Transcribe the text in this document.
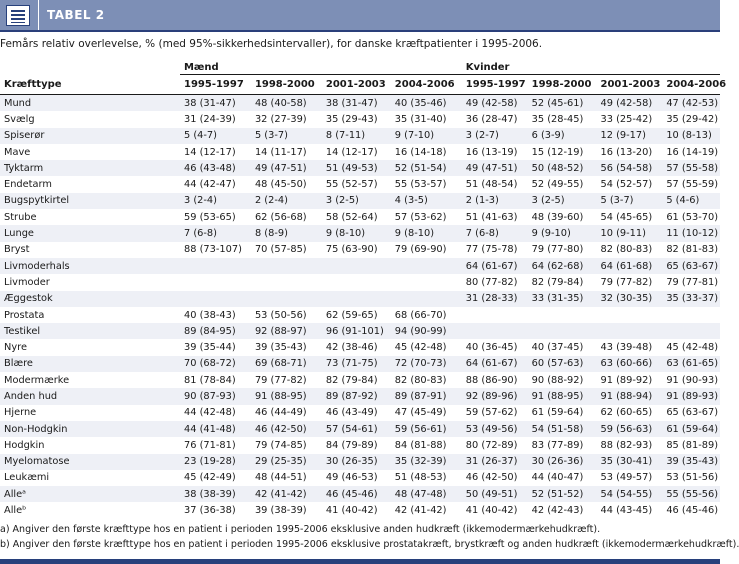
TABEL 2
Femårs relativ overlevelse, % (med 95%-sikkerhedsintervaller), for danske kræftpatienter i 1995-2006.
	Mænd				Kvinder			
Kræfttype	1995-1997	1998-2000	2001-2003	2004-2006	1995-1997	1998-2000	2001-2003	2004-2006
Mund	38 (31-47)	48 (40-58)	38 (31-47)	40 (35-46)	49 (42-58)	52 (45-61)	49 (42-58)	47 (42-53)
Svælg	31 (24-39)	32 (27-39)	35 (29-43)	35 (31-40)	36 (28-47)	35 (28-45)	33 (25-42)	35 (29-42)
Spiserør	5 (4-7)	5 (3-7)	8 (7-11)	9 (7-10)	3 (2-7)	6 (3-9)	12 (9-17)	10 (8-13)
Mave	14 (12-17)	14 (11-17)	14 (12-17)	16 (14-18)	16 (13-19)	15 (12-19)	16 (13-20)	16 (14-19)
Tyktarm	46 (43-48)	49 (47-51)	51 (49-53)	52 (51-54)	49 (47-51)	50 (48-52)	56 (54-58)	57 (55-58)
Endetarm	44 (42-47)	48 (45-50)	55 (52-57)	55 (53-57)	51 (48-54)	52 (49-55)	54 (52-57)	57 (55-59)
Bugspytkirtel	3 (2-4)	2 (2-4)	3 (2-5)	4 (3-5)	2 (1-3)	3 (2-5)	5 (3-7)	5 (4-6)
Strube	59 (53-65)	62 (56-68)	58 (52-64)	57 (53-62)	51 (41-63)	48 (39-60)	54 (45-65)	61 (53-70)
Lunge	7 (6-8)	8 (8-9)	9 (8-10)	9 (8-10)	7 (6-8)	9 (9-10)	10 (9-11)	11 (10-12)
Bryst	88 (73-107)	70 (57-85)	75 (63-90)	79 (69-90)	77 (75-78)	79 (77-80)	82 (80-83)	82 (81-83)
Livmoderhals					64 (61-67)	64 (62-68)	64 (61-68)	65 (63-67)
Livmoder					80 (77-82)	82 (79-84)	79 (77-82)	79 (77-81)
Æggestok					31 (28-33)	33 (31-35)	32 (30-35)	35 (33-37)
Prostata	40 (38-43)	53 (50-56)	62 (59-65)	68 (66-70)				
Testikel	89 (84-95)	92 (88-97)	96 (91-101)	94 (90-99)				
Nyre	39 (35-44)	39 (35-43)	42 (38-46)	45 (42-48)	40 (36-45)	40 (37-45)	43 (39-48)	45 (42-48)
Blære	70 (68-72)	69 (68-71)	73 (71-75)	72 (70-73)	64 (61-67)	60 (57-63)	63 (60-66)	63 (61-65)
Modermærke	81 (78-84)	79 (77-82)	82 (79-84)	82 (80-83)	88 (86-90)	90 (88-92)	91 (89-92)	91 (90-93)
Anden hud	90 (87-93)	91 (88-95)	89 (87-92)	89 (87-91)	92 (89-96)	91 (88-95)	91 (88-94)	91 (89-93)
Hjerne	44 (42-48)	46 (44-49)	46 (43-49)	47 (45-49)	59 (57-62)	61 (59-64)	62 (60-65)	65 (63-67)
Non-Hodgkin	44 (41-48)	46 (42-50)	57 (54-61)	59 (56-61)	53 (49-56)	54 (51-58)	59 (56-63)	61 (59-64)
Hodgkin	76 (71-81)	79 (74-85)	84 (79-89)	84 (81-88)	80 (72-89)	83 (77-89)	88 (82-93)	85 (81-89)
Myelomatose	23 (19-28)	29 (25-35)	30 (26-35)	35 (32-39)	31 (26-37)	30 (26-36)	35 (30-41)	39 (35-43)
Leukæmi	45 (42-49)	48 (44-51)	49 (46-53)	51 (48-53)	46 (42-50)	44 (40-47)	53 (49-57)	53 (51-56)
Alleᵃ	38 (38-39)	42 (41-42)	46 (45-46)	48 (47-48)	50 (49-51)	52 (51-52)	54 (54-55)	55 (55-56)
Alleᵇ	37 (36-38)	39 (38-39)	41 (40-42)	42 (41-42)	41 (40-42)	42 (42-43)	44 (43-45)	46 (45-46)
a) Angiver den første kræfttype hos en patient i perioden 1995-2006 eksklusive anden hudkræft (ikkemodermærkehudkræft).
b) Angiver den første kræfttype hos en patient i perioden 1995-2006 eksklusive prostatakræft, brystkræft og anden hudkræft (ikkemodermærkehudkræft).
